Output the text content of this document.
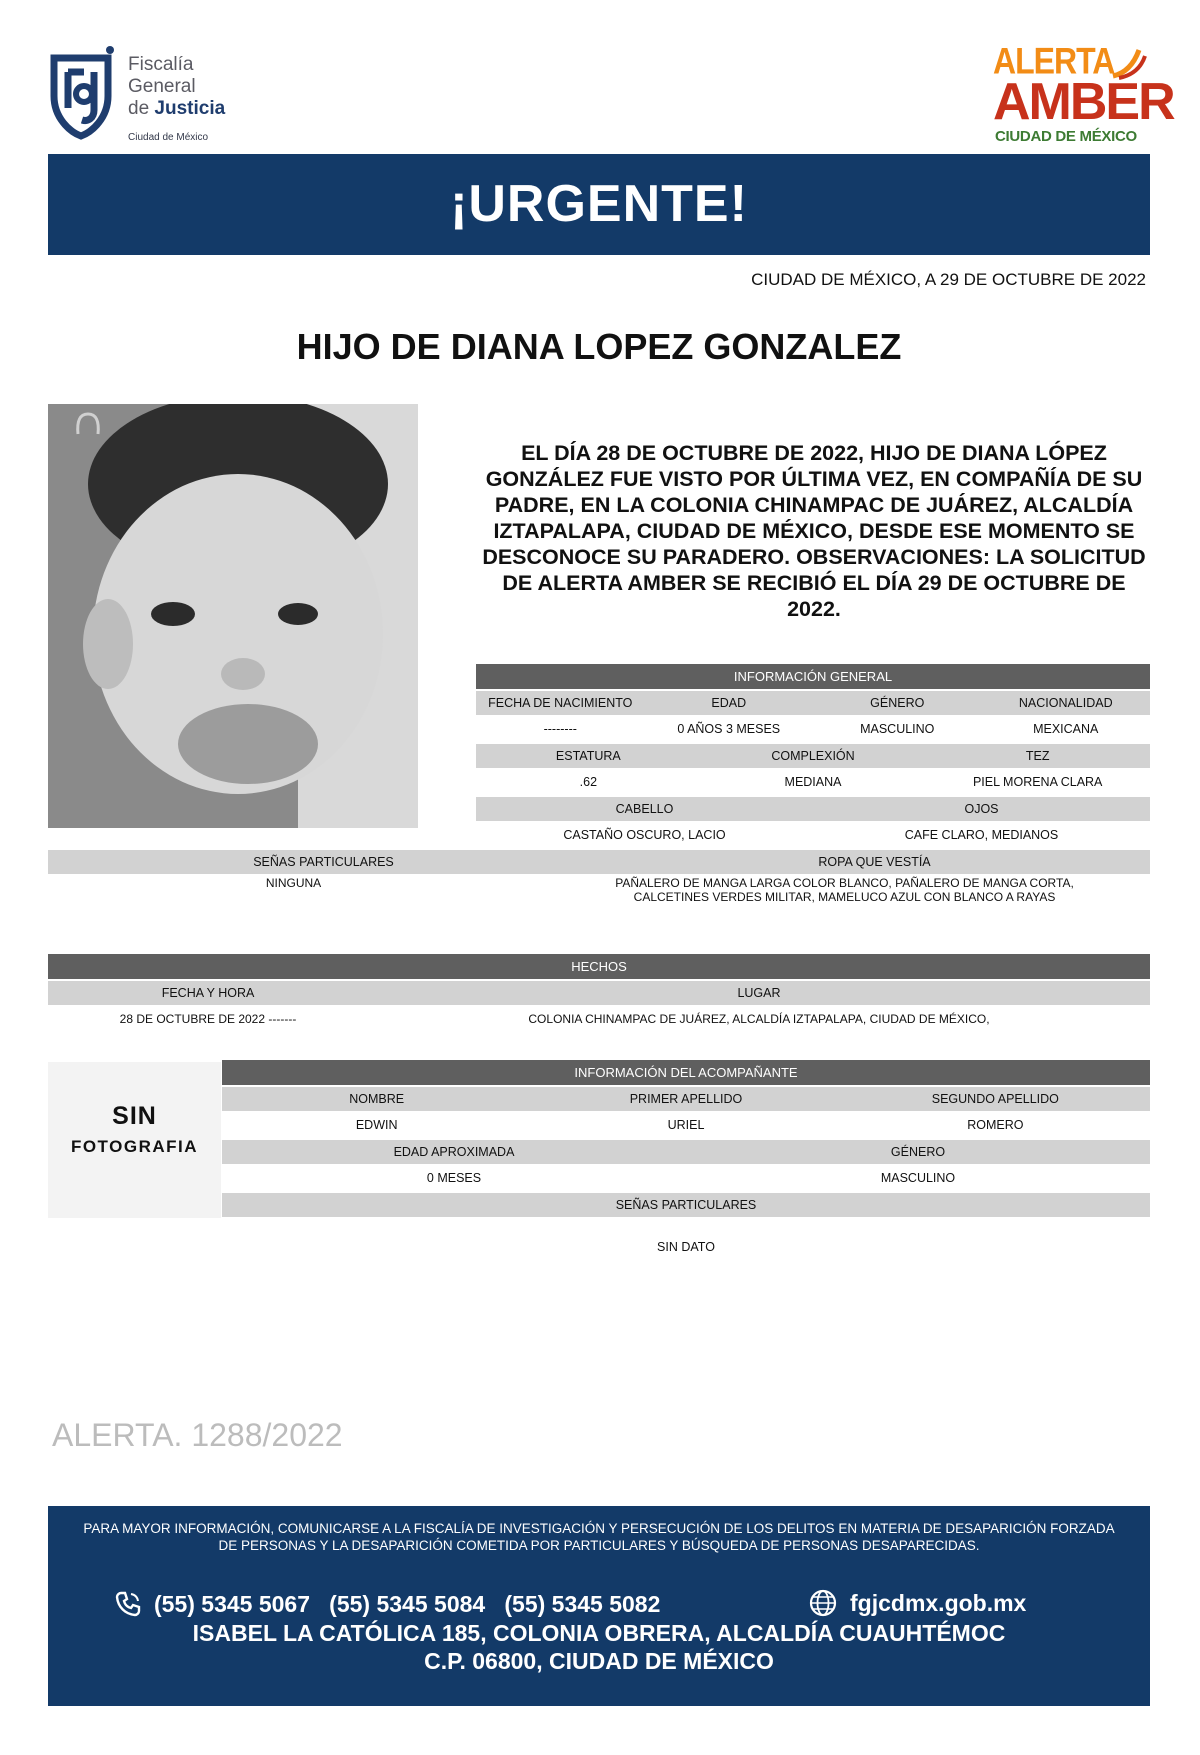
Fiscalía
General
de Justicia
Ciudad de México
ALERTA
AMBER
CIUDAD DE MÉXICO
¡URGENTE!
CIUDAD DE MÉXICO, A 29 DE OCTUBRE DE 2022
HIJO DE DIANA LOPEZ GONZALEZ
EL DÍA 28 DE OCTUBRE DE 2022, HIJO DE DIANA LÓPEZ GONZÁLEZ FUE VISTO POR ÚLTIMA VEZ, EN COMPAÑÍA DE SU PADRE, EN LA COLONIA CHINAMPAC DE JUÁREZ, ALCALDÍA IZTAPALAPA, CIUDAD DE MÉXICO, DESDE ESE MOMENTO SE DESCONOCE SU PARADERO. OBSERVACIONES: LA SOLICITUD DE ALERTA AMBER SE RECIBIÓ EL DÍA 29 DE OCTUBRE DE 2022.
INFORMACIÓN GENERAL
FECHA DE NACIMIENTO	EDAD	GÉNERO	NACIONALIDAD
--------	0 AÑOS 3 MESES	MASCULINO	MEXICANA
ESTATURA	COMPLEXIÓN	TEZ
.62	MEDIANA	PIEL MORENA CLARA
CABELLO	OJOS
CASTAÑO OSCURO, LACIO	CAFE CLARO, MEDIANOS
SEÑAS PARTICULARES	ROPA QUE VESTÍA
NINGUNA	PAÑALERO DE MANGA LARGA COLOR BLANCO, PAÑALERO DE MANGA CORTA, CALCETINES VERDES MILITAR, MAMELUCO AZUL CON BLANCO A RAYAS
HECHOS
FECHA Y HORA	LUGAR
28 DE OCTUBRE DE 2022 -------	COLONIA CHINAMPAC DE JUÁREZ, ALCALDÍA IZTAPALAPA, CIUDAD DE MÉXICO,
SIN
FOTOGRAFIA
INFORMACIÓN DEL ACOMPAÑANTE
NOMBRE	PRIMER APELLIDO	SEGUNDO APELLIDO
EDWIN	URIEL	ROMERO
EDAD APROXIMADA	GÉNERO
0 MESES	MASCULINO
SEÑAS PARTICULARES
SIN DATO
ALERTA. 1288/2022
PARA MAYOR INFORMACIÓN, COMUNICARSE A LA FISCALÍA DE INVESTIGACIÓN Y PERSECUCIÓN DE LOS DELITOS EN MATERIA DE DESAPARICIÓN FORZADA DE PERSONAS Y LA DESAPARICIÓN COMETIDA POR PARTICULARES Y BÚSQUEDA DE PERSONAS DESAPARECIDAS.
(55) 5345 5067   (55) 5345 5084   (55) 5345 5082	fgjcdmx.gob.mx
ISABEL LA CATÓLICA 185, COLONIA OBRERA, ALCALDÍA CUAUHTÉMOC
C.P. 06800, CIUDAD DE MÉXICO
